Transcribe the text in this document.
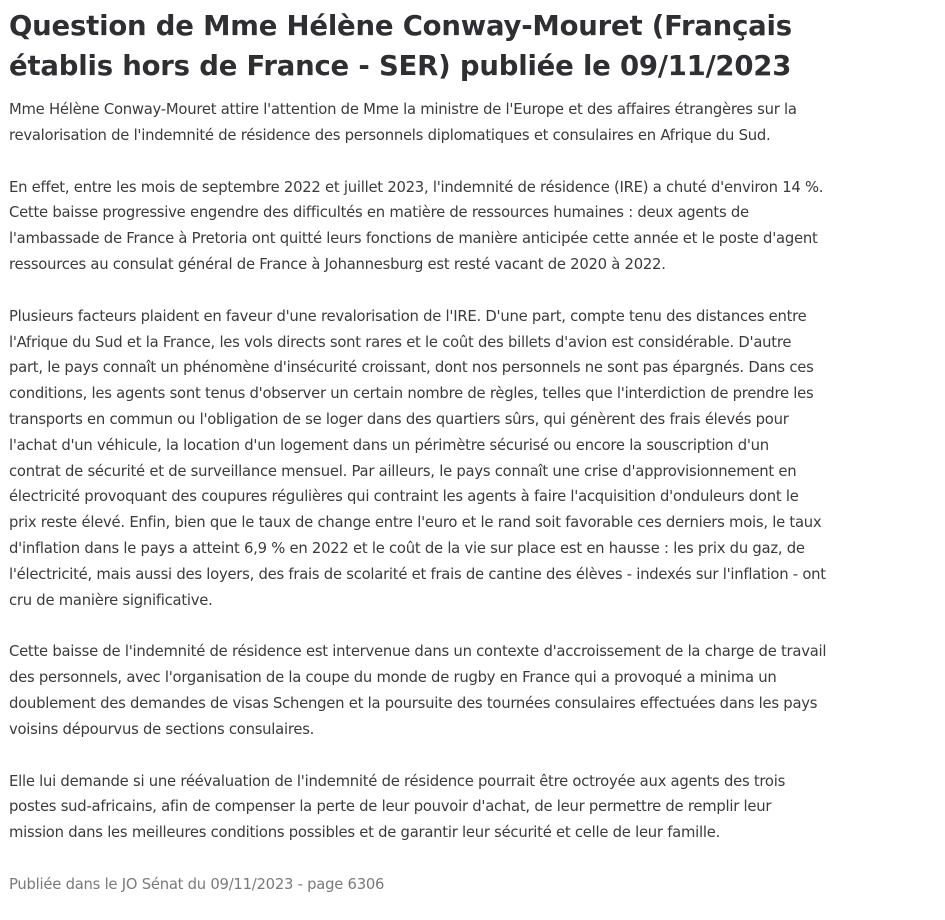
Question de Mme Hélène Conway-Mouret (Français
établis hors de France - SER) publiée le 09/11/2023

Mme Hélène Conway-Mouret attire l'attention de Mme la ministre de l'Europe et des affaires étrangères sur la
revalorisation de l'indemnité de résidence des personnels diplomatiques et consulaires en Afrique du Sud.

En effet, entre les mois de septembre 2022 et juillet 2023, l'indemnité de résidence (IRE) a chuté d'environ 14 %.
Cette baisse progressive engendre des difficultés en matière de ressources humaines : deux agents de
l'ambassade de France à Pretoria ont quitté leurs fonctions de manière anticipée cette année et le poste d'agent
ressources au consulat général de France à Johannesburg est resté vacant de 2020 à 2022.

Plusieurs facteurs plaident en faveur d'une revalorisation de l'IRE. D'une part, compte tenu des distances entre
l'Afrique du Sud et la France, les vols directs sont rares et le coût des billets d'avion est considérable. D'autre
part, le pays connaît un phénomène d'insécurité croissant, dont nos personnels ne sont pas épargnés. Dans ces
conditions, les agents sont tenus d'observer un certain nombre de règles, telles que l'interdiction de prendre les
transports en commun ou l'obligation de se loger dans des quartiers sûrs, qui génèrent des frais élevés pour
l'achat d'un véhicule, la location d'un logement dans un périmètre sécurisé ou encore la souscription d'un
contrat de sécurité et de surveillance mensuel. Par ailleurs, le pays connaît une crise d'approvisionnement en
électricité provoquant des coupures régulières qui contraint les agents à faire l'acquisition d'onduleurs dont le
prix reste élevé. Enfin, bien que le taux de change entre l'euro et le rand soit favorable ces derniers mois, le taux
d'inflation dans le pays a atteint 6,9 % en 2022 et le coût de la vie sur place est en hausse : les prix du gaz, de
l'électricité, mais aussi des loyers, des frais de scolarité et frais de cantine des élèves - indexés sur l'inflation - ont
cru de manière significative.

Cette baisse de l'indemnité de résidence est intervenue dans un contexte d'accroissement de la charge de travail
des personnels, avec l'organisation de la coupe du monde de rugby en France qui a provoqué a minima un
doublement des demandes de visas Schengen et la poursuite des tournées consulaires effectuées dans les pays
voisins dépourvus de sections consulaires.

Elle lui demande si une réévaluation de l'indemnité de résidence pourrait être octroyée aux agents des trois
postes sud-africains, afin de compenser la perte de leur pouvoir d'achat, de leur permettre de remplir leur
mission dans les meilleures conditions possibles et de garantir leur sécurité et celle de leur famille.

Publiée dans le JO Sénat du 09/11/2023 - page 6306
